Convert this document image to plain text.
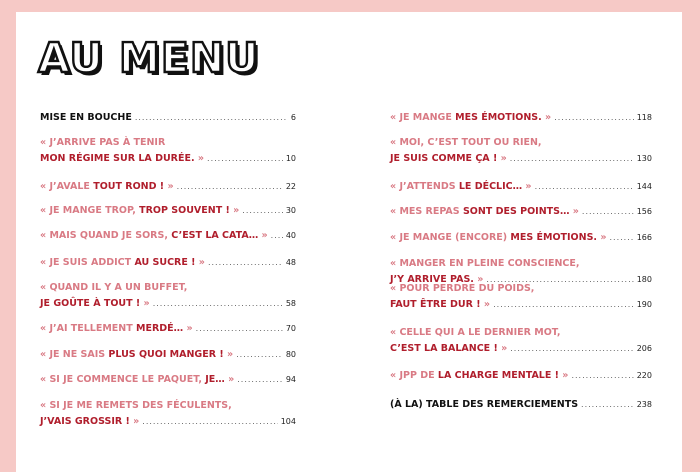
AU MENU
MISE EN BOUCHE .....	6
« J’ARRIVE PAS À TENIR
MON RÉGIME SUR LA DURÉE. » .....	10
« J’AVALE TOUT ROND ! » .....	22
« JE MANGE TROP, TROP SOUVENT ! » .....	30
« MAIS QUAND JE SORS, C’EST LA CATA… » ..... 40
« JE SUIS ADDICT AU SUCRE ! » .....	48
« QUAND IL Y A UN BUFFET,
JE GOÛTE À TOUT ! » .....	58
« J’AI TELLEMENT MERDÉ… » .....	70
« JE NE SAIS PLUS QUOI MANGER ! » .....	80
« SI JE COMMENCE LE PAQUET, JE… » .....	94
« SI JE ME REMETS DES FÉCULENTS,
J’VAIS GROSSIR ! » .....	104
« JE MANGE MES ÉMOTIONS. » .....	118
« MOI, C’EST TOUT OU RIEN,
JE SUIS COMME ÇA ! » .....	130
« J’ATTENDS LE DÉCLIC… » .....	144
« MES REPAS SONT DES POINTS… » .....	156
« JE MANGE (ENCORE) MES ÉMOTIONS. » .....	166
« MANGER EN PLEINE CONSCIENCE,
J’Y ARRIVE PAS. » .....	180
« POUR PERDRE DU POIDS,
FAUT ÊTRE DUR ! » .....	190
« CELLE QUI A LE DERNIER MOT,
C’EST LA BALANCE ! » .....	206
« JPP DE LA CHARGE MENTALE ! » .....	220
(À LA) TABLE DES REMERCIEMENTS .....	238
